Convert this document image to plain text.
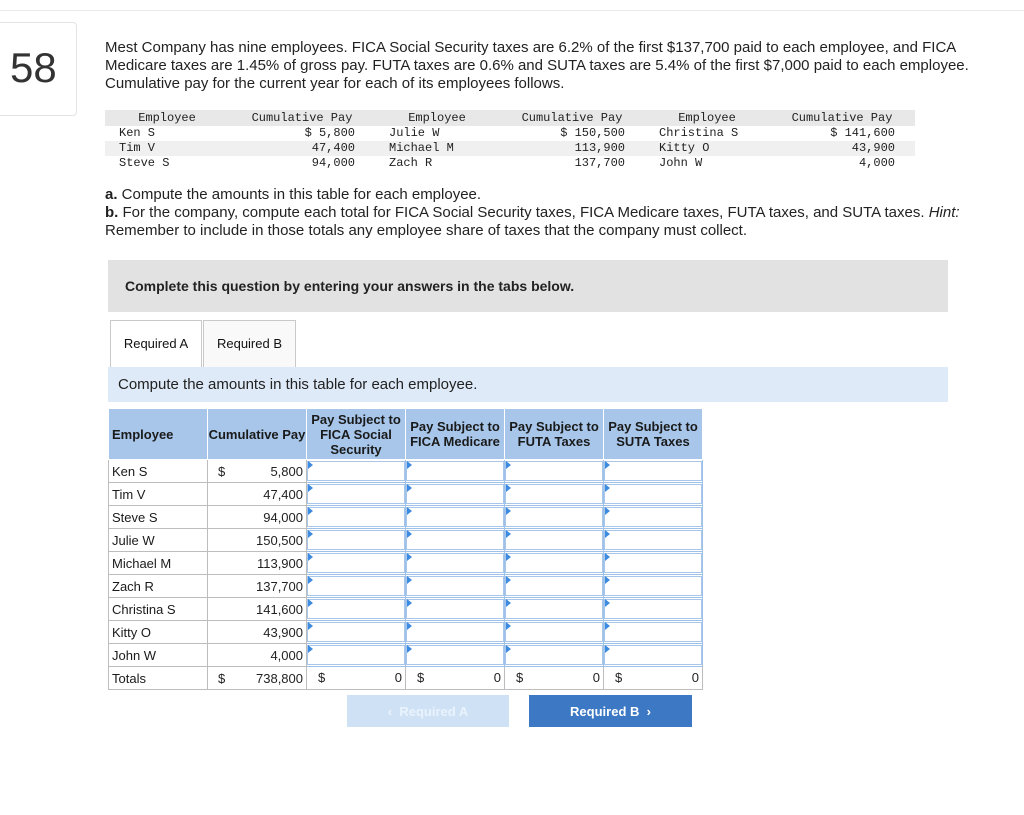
58	Mest Company has nine employees. FICA Social Security taxes are 6.2% of the first $137,700 paid to each employee, and FICA Medicare taxes are 1.45% of gross pay. FUTA taxes are 0.6% and SUTA taxes are 5.4% of the first $7,000 paid to each employee. Cumulative pay for the current year for each of its employees follows.
Employee	Cumulative Pay	Employee	Cumulative Pay	Employee	Cumulative Pay
Ken S	$ 5,800	Julie W	$ 150,500	Christina S	$ 141,600
Tim V	47,400	Michael M	113,900	Kitty O	43,900
Steve S	94,000	Zach R	137,700	John W	4,000
a. Compute the amounts in this table for each employee.
b. For the company, compute each total for FICA Social Security taxes, FICA Medicare taxes, FUTA taxes, and SUTA taxes. Hint: Remember to include in those totals any employee share of taxes that the company must collect.
Complete this question by entering your answers in the tabs below.
Required A	Required B
Compute the amounts in this table for each employee.
Employee	Cumulative Pay		Pay Subject to FICA Social Security	Pay Subject to FICA Medicare	Pay Subject to FUTA Taxes	Pay Subject to SUTA Taxes
Ken S	$	5,800	

Tim V		47,400	

Steve S		94,000	

Julie W		150,500	

Michael M		113,900	

Zach R		137,700	

Christina S		141,600	

Kitty O		43,900	

John W		4,000	

Totals	$	738,800	$ 0	$ 0	$ 0	$ 0
‹  Required A	Required B  ›
